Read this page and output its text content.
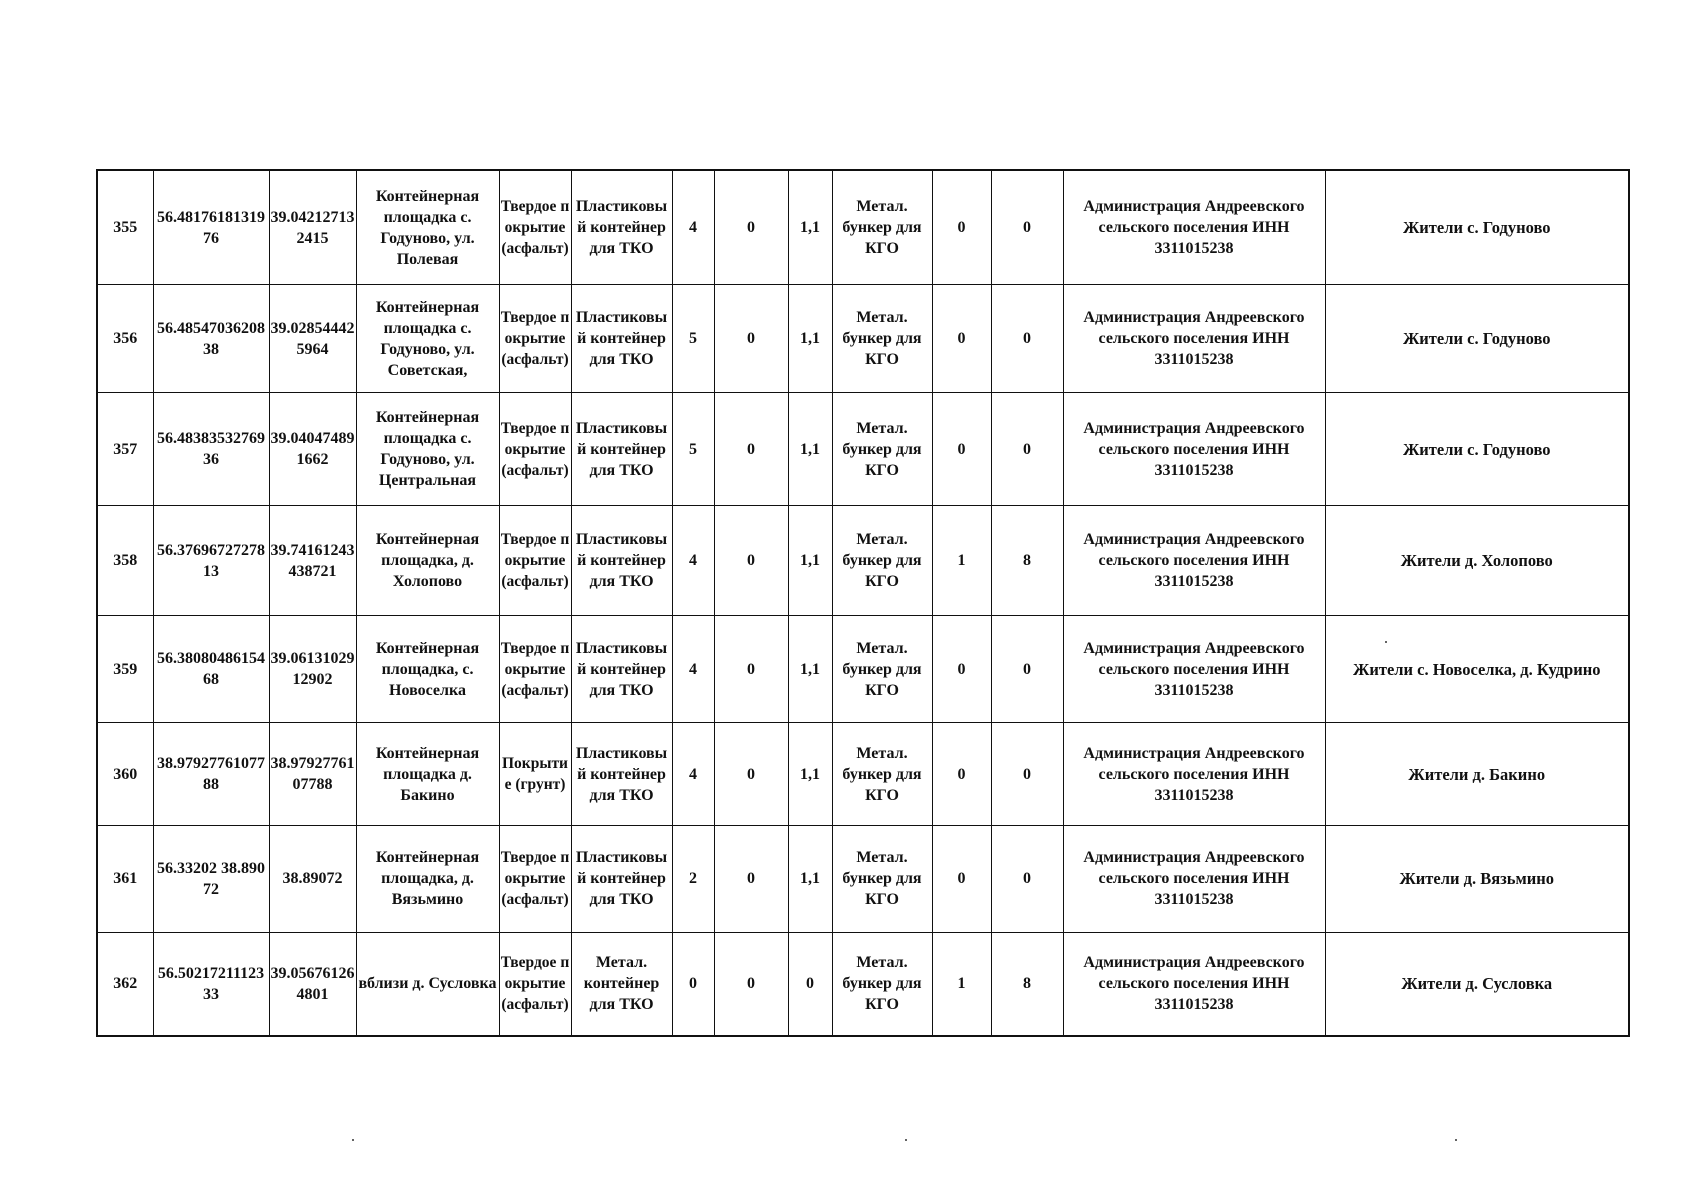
355	56.4817618131976	39.042127132415	Контейнерная площадка с. Годуново, ул. Полевая	Твердое покрытие (асфальт)	Пластиковый контейнер для ТКО	4	0	1,1	Метал. бункер для КГО	0	0	Администрация Андреевского сельского поселения ИНН 3311015238	Жители с. Годуново
356	56.4854703620838	39.028544425964	Контейнерная площадка с. Годуново, ул. Советская,	Твердое покрытие (асфальт)	Пластиковый контейнер для ТКО	5	0	1,1	Метал. бункер для КГО	0	0	Администрация Андреевского сельского поселения ИНН 3311015238	Жители с. Годуново
357	56.4838353276936	39.040474891662	Контейнерная площадка с. Годуново, ул. Центральная	Твердое покрытие (асфальт)	Пластиковый контейнер для ТКО	5	0	1,1	Метал. бункер для КГО	0	0	Администрация Андреевского сельского поселения ИНН 3311015238	Жители с. Годуново
358	56.3769672727813	39.74161243438721	Контейнерная площадка, д. Холопово	Твердое покрытие (асфальт)	Пластиковый контейнер для ТКО	4	0	1,1	Метал. бункер для КГО	1	8	Администрация Андреевского сельского поселения ИНН 3311015238	Жители д. Холопово
359	56.3808048615468	39.0613102912902	Контейнерная площадка, с. Новоселка	Твердое покрытие (асфальт)	Пластиковый контейнер для ТКО	4	0	1,1	Метал. бункер для КГО	0	0	Администрация Андреевского сельского поселения ИНН 3311015238	Жители с. Новоселка, д. Кудрино
360	38.9792776107788	38.9792776107788	Контейнерная площадка д. Бакино	Покрытие (грунт)	Пластиковый контейнер для ТКО	4	0	1,1	Метал. бункер для КГО	0	0	Администрация Андреевского сельского поселения ИНН 3311015238	Жители д. Бакино
361	56.33202 38.89072	38.89072	Контейнерная площадка, д. Вязьмино	Твердое покрытие (асфальт)	Пластиковый контейнер для ТКО	2	0	1,1	Метал. бункер для КГО	0	0	Администрация Андреевского сельского поселения ИНН 3311015238	Жители д. Вязьмино
362	56.5021721112333	39.056761264801	вблизи д. Сусловка	Твердое покрытие (асфальт)	Метал. контейнер для ТКО	0	0	0	Метал. бункер для КГО	1	8	Администрация Андреевского сельского поселения ИНН 3311015238	Жители д. Сусловка
